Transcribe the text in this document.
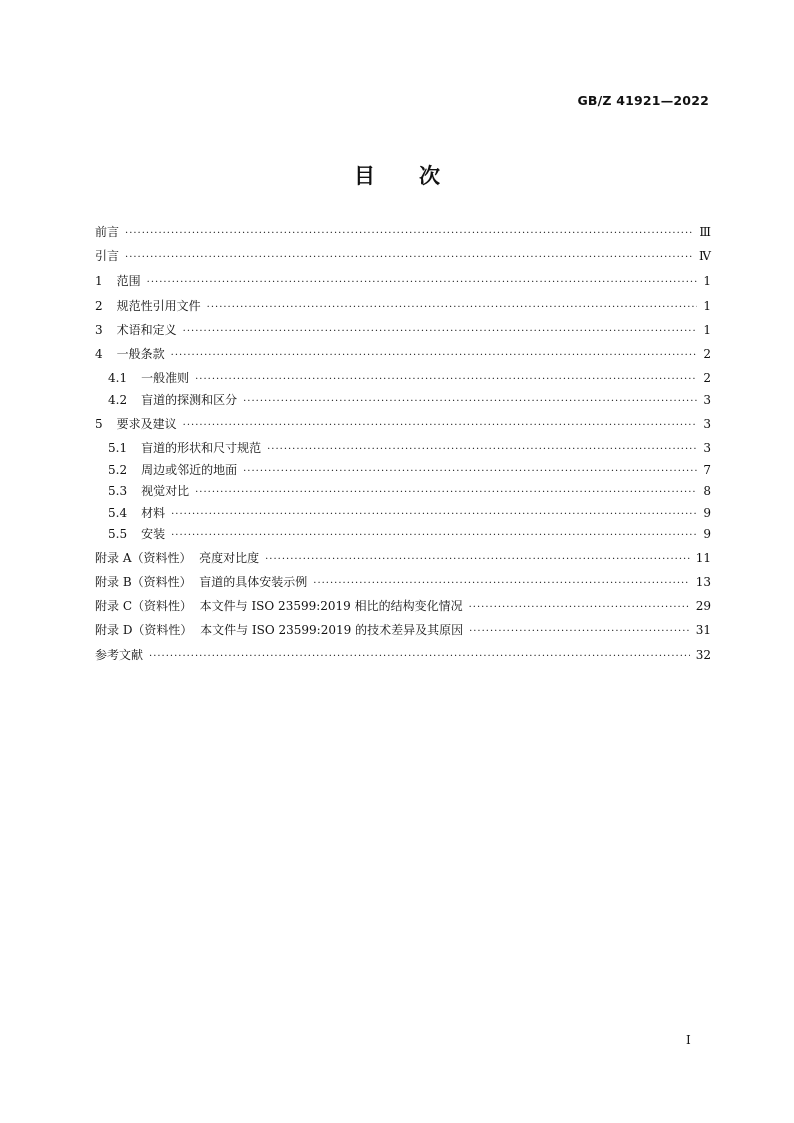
GB/Z 41921—2022
目 次
前言 ·····	Ⅲ
引言 ·····	Ⅳ
1 范围 ·····	1
2 规范性引用文件 ·····	1
3 术语和定义 ·····	1
4 一般条款 ·····	2
4.1 一般准则 ·····	2
4.2 盲道的探测和区分 ·····	3
5 要求及建议 ·····	3
5.1 盲道的形状和尺寸规范 ·····	3
5.2 周边或邻近的地面 ·····	7
5.3 视觉对比 ·····	8
5.4 材料 ·····	9
5.5 安装 ·····	9
附录 A（资料性）  亮度对比度 ·····	11
附录 B（资料性）  盲道的具体安装示例 ·····	13
附录 C（资料性）  本文件与 ISO 23599:2019 相比的结构变化情况 ·····	29
附录 D（资料性）  本文件与 ISO 23599:2019 的技术差异及其原因 ·····	31
参考文献 ·····	32
I
